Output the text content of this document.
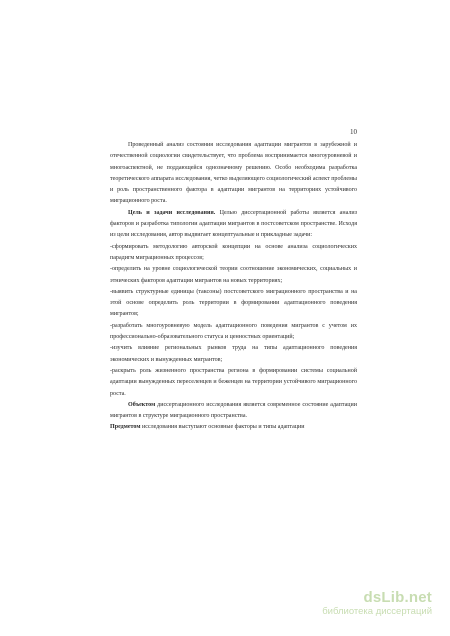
10

Проведенный анализ состояния исследования адаптации мигрантов в зарубежной и отечественной социологии свидетельствует, что проблема воспринимается многоуровневой и многоаспектной, не поддающейся однозначному решению. Особо необходима разработка теоретического аппарата исследования, четко выделяющего социологический аспект проблемы и роль пространственного фактора в адаптации мигрантов на территориях устойчивого миграционного роста.

Цель и задачи исследования. Целью диссертационной работы является анализ факторов и разработка типологии адаптации мигрантов в постсоветском пространстве. Исходя из цели исследования, автор выдвигает концептуальные и прикладные задачи:

-сформировать методологию авторской концепции на основе анализа социологических парадигм миграционных процессов;

-определить на уровне социологической теории соотношение экономических, социальных и этнических факторов адаптации мигрантов на новых территориях;

-выявить структурные единицы (таксоны) постсоветского миграционного пространства и на этой основе определить роль территории в формировании адаптационного поведения мигрантов;

-разработать многоуровневую модель адаптационного поведения мигрантов с учетом их профессионально-образовательного статуса и ценностных ориентаций;

-изучить влияние региональных рынков труда на типы адаптационного поведения экономических и вынужденных мигрантов;

-раскрыть роль жизненного пространства региона в формировании системы социальной адаптации вынужденных переселенцев и беженцев на территории устойчивого миграционного роста.

Объектом диссертационного исследования является современное состояние адаптации мигрантов в структуре миграционного пространства.

Предметом исследования выступают основные факторы и типы адаптации

dsLib.net
библиотека диссертаций
